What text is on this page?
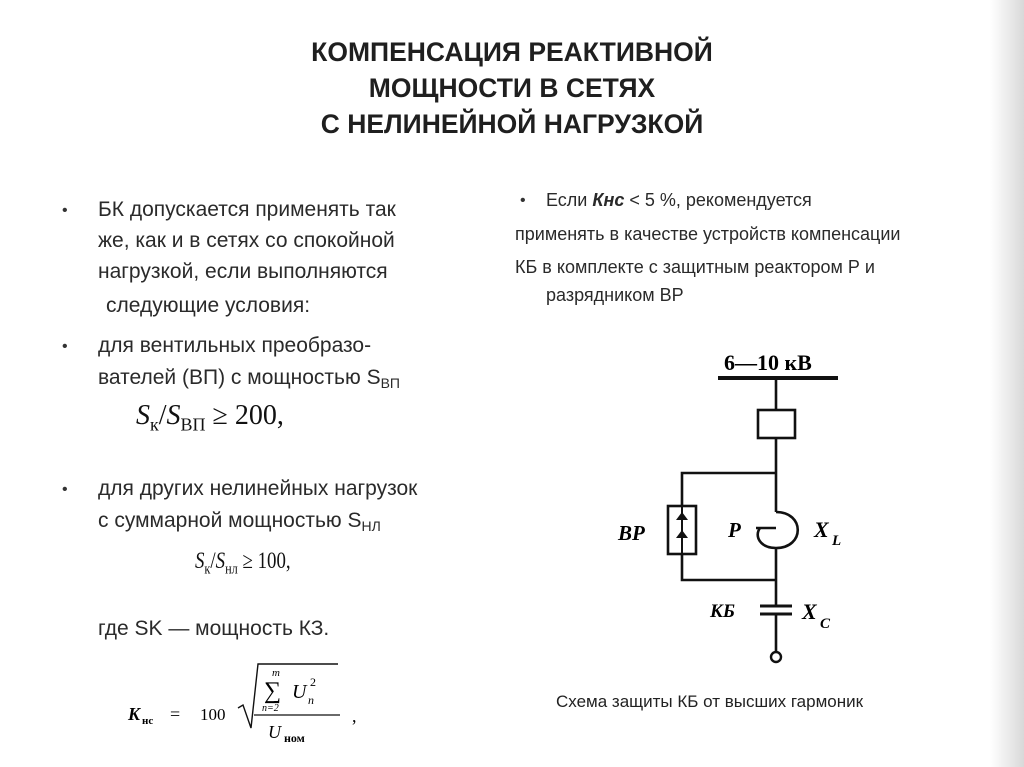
КОМПЕНСАЦИЯ РЕАКТИВНОЙ
МОЩНОСТИ В СЕТЯХ
С НЕЛИНЕЙНОЙ НАГРУЗКОЙ
• БК допускается применять так
же, как и в сетях со спокойной
нагрузкой, если выполняются
следующие условия:
• для вентильных преобразо-
вателей (ВП) с мощностью $S_{ВП}$
$S_к/S_{ВП} \ge 200$,
• для других нелинейных нагрузок
с суммарной мощностью $S_{НЛ}$
$S_к/S_{нл} \ge 100$,
где SK — мощность КЗ.
K нс = 100
m
∑
n=2
U n
2
U ном
,
• Если Кнс < 5 %, рекомендуется
применять в качестве устройств компенсации
КБ в комплекте с защитным реактором Р и
разрядником ВР
6—10 кВ
ВР	Р	X L
КБ	X C
Схема защиты КБ от высших гармоник
